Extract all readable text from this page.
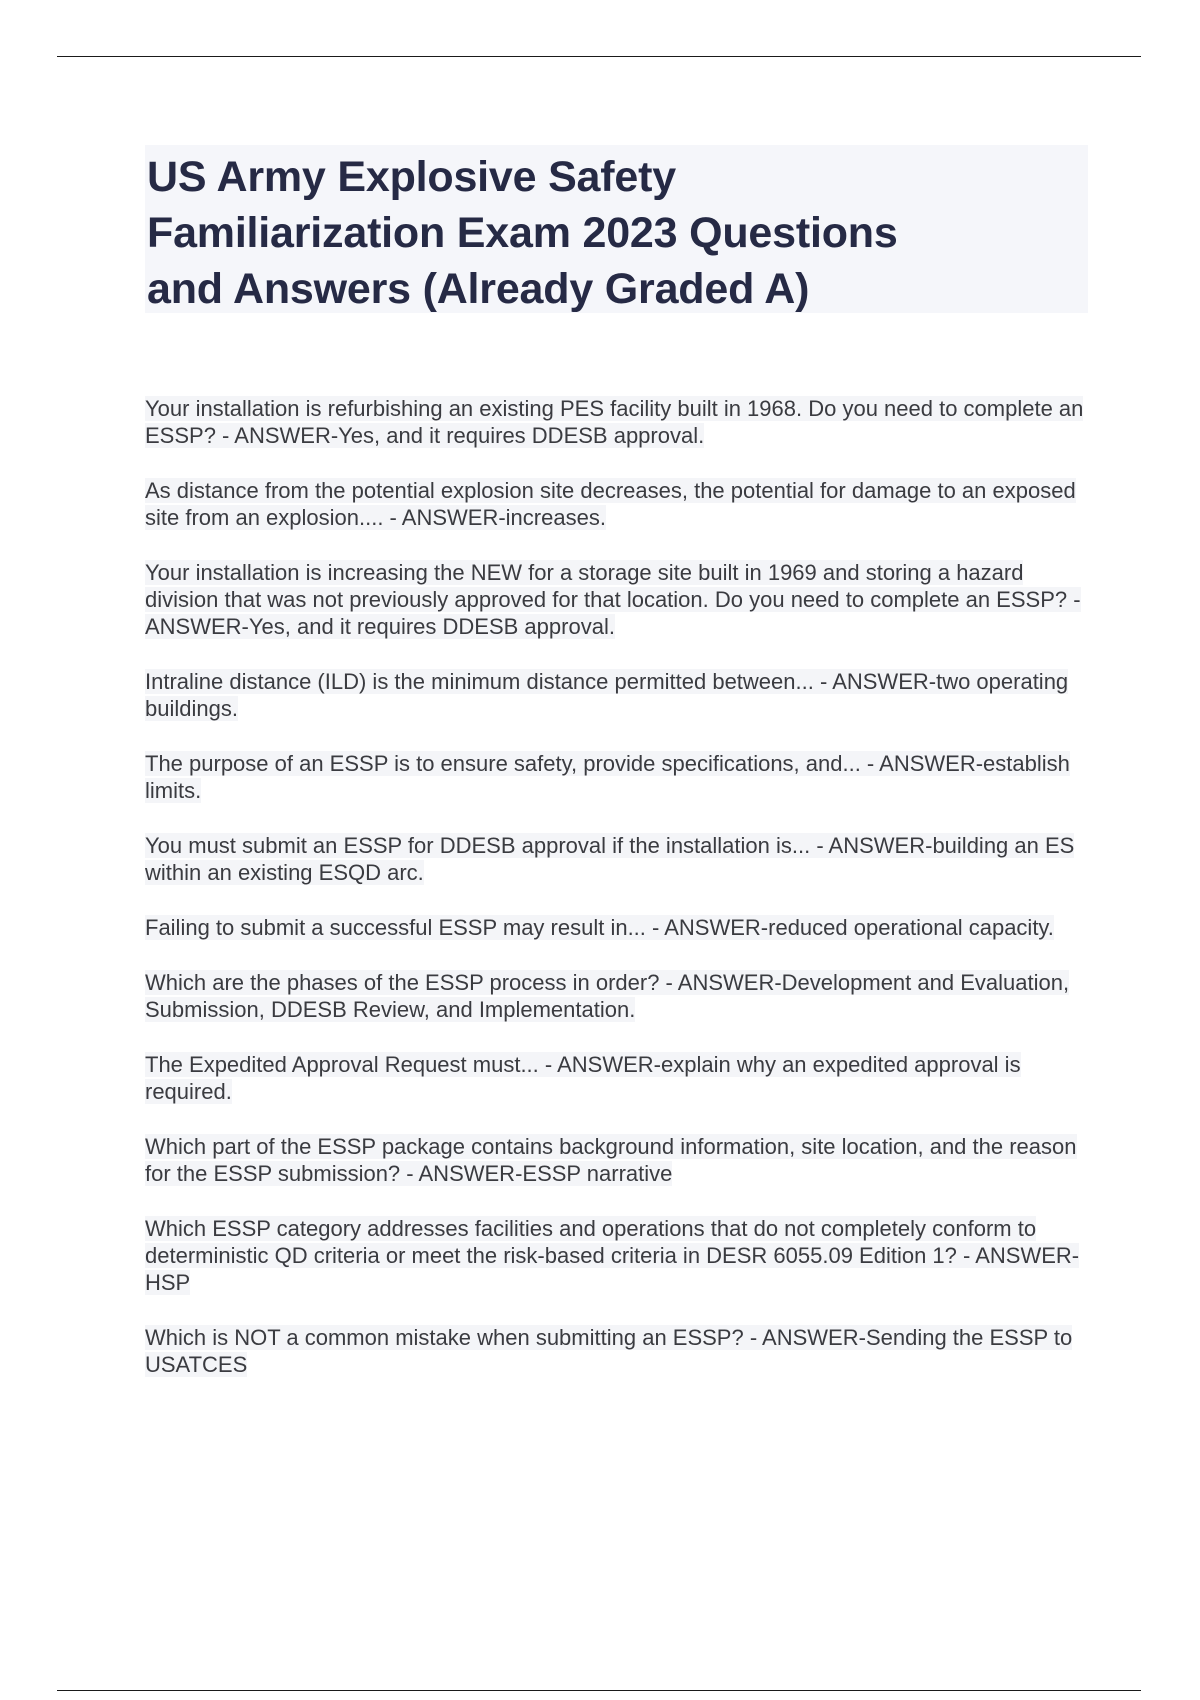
US Army Explosive Safety
Familiarization Exam 2023 Questions
and Answers (Already Graded A)

Your installation is refurbishing an existing PES facility built in 1968. Do you need to complete an ESSP? - ANSWER-Yes, and it requires DDESB approval.

As distance from the potential explosion site decreases, the potential for damage to an exposed site from an explosion.... - ANSWER-increases.

Your installation is increasing the NEW for a storage site built in 1969 and storing a hazard division that was not previously approved for that location. Do you need to complete an ESSP? - ANSWER-Yes, and it requires DDESB approval.

Intraline distance (ILD) is the minimum distance permitted between... - ANSWER-two operating buildings.

The purpose of an ESSP is to ensure safety, provide specifications, and... - ANSWER-establish limits.

You must submit an ESSP for DDESB approval if the installation is... - ANSWER-building an ES within an existing ESQD arc.

Failing to submit a successful ESSP may result in... - ANSWER-reduced operational capacity.

Which are the phases of the ESSP process in order? - ANSWER-Development and Evaluation, Submission, DDESB Review, and Implementation.

The Expedited Approval Request must... - ANSWER-explain why an expedited approval is required.

Which part of the ESSP package contains background information, site location, and the reason for the ESSP submission? - ANSWER-ESSP narrative

Which ESSP category addresses facilities and operations that do not completely conform to deterministic QD criteria or meet the risk-based criteria in DESR 6055.09 Edition 1? - ANSWER-HSP

Which is NOT a common mistake when submitting an ESSP? - ANSWER-Sending the ESSP to USATCES
